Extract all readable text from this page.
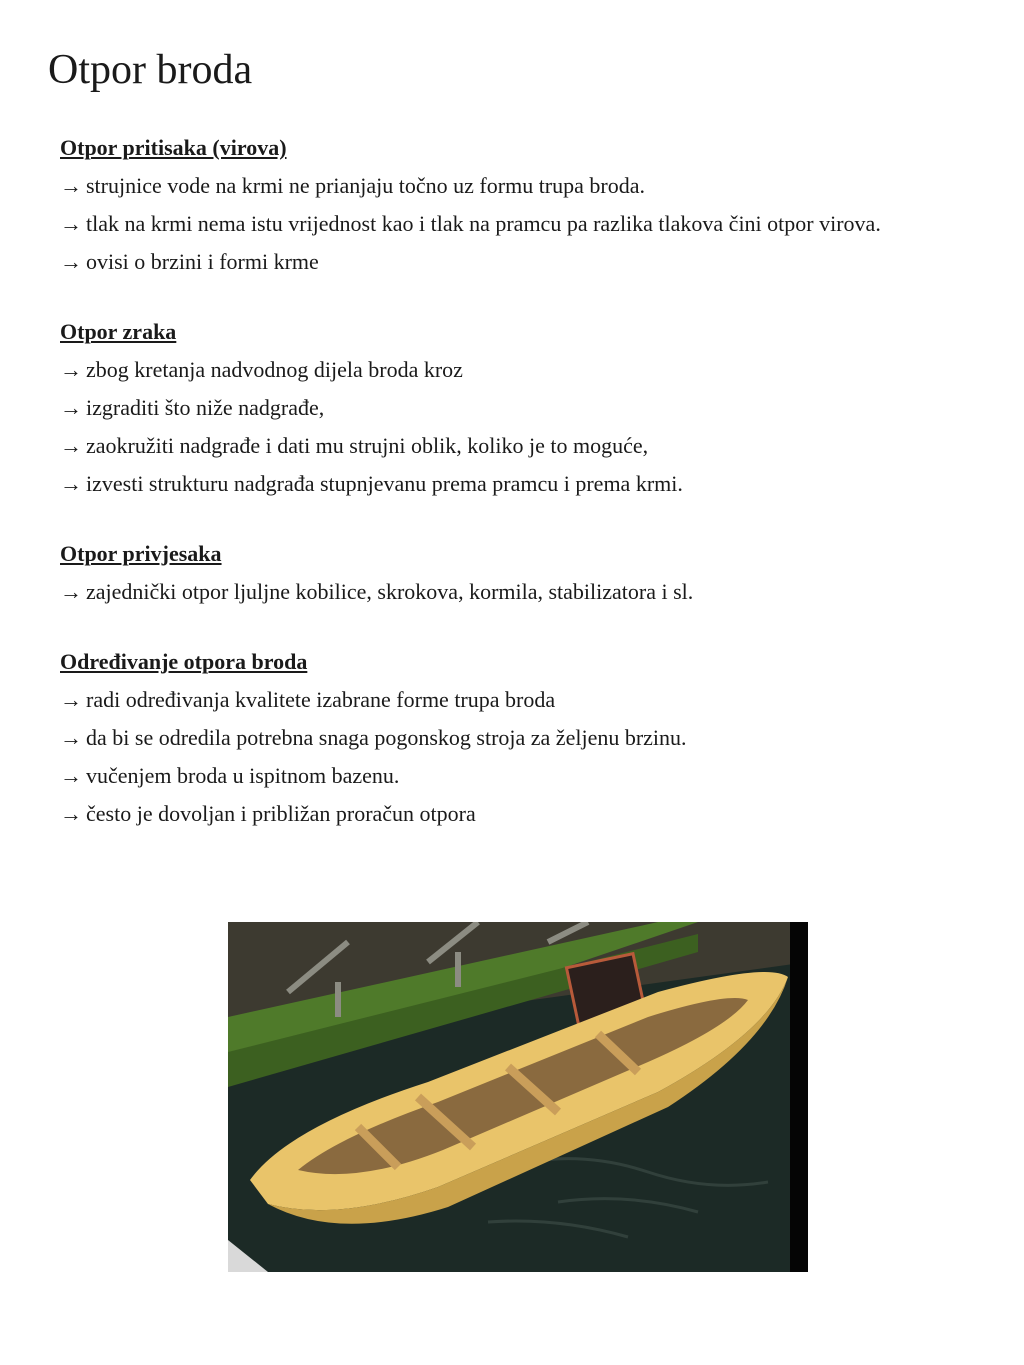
Otpor broda

Otpor pritisaka (virova)

→ strujnice vode na krmi ne prianjaju točno uz formu trupa broda.

→ tlak na krmi nema istu vrijednost kao i tlak na pramcu pa razlika tlakova čini otpor virova.

→ ovisi o brzini i formi krme

Otpor zraka

→ zbog kretanja nadvodnog dijela broda kroz

→ izgraditi što niže nadgrađe,

→ zaokružiti nadgrađe i dati mu strujni oblik, koliko je to moguće,

→ izvesti strukturu nadgrađa stupnjevanu prema pramcu i prema krmi.

Otpor privjesaka

→ zajednički otpor ljuljne kobilice, skrokova, kormila, stabilizatora i sl.

Određivanje otpora broda

→ radi određivanja kvalitete izabrane forme trupa broda

→ da bi se odredila potrebna snaga pogonskog stroja za željenu brzinu.

→ vučenjem broda u ispitnom bazenu.

→ često je dovoljan i približan proračun otpora
